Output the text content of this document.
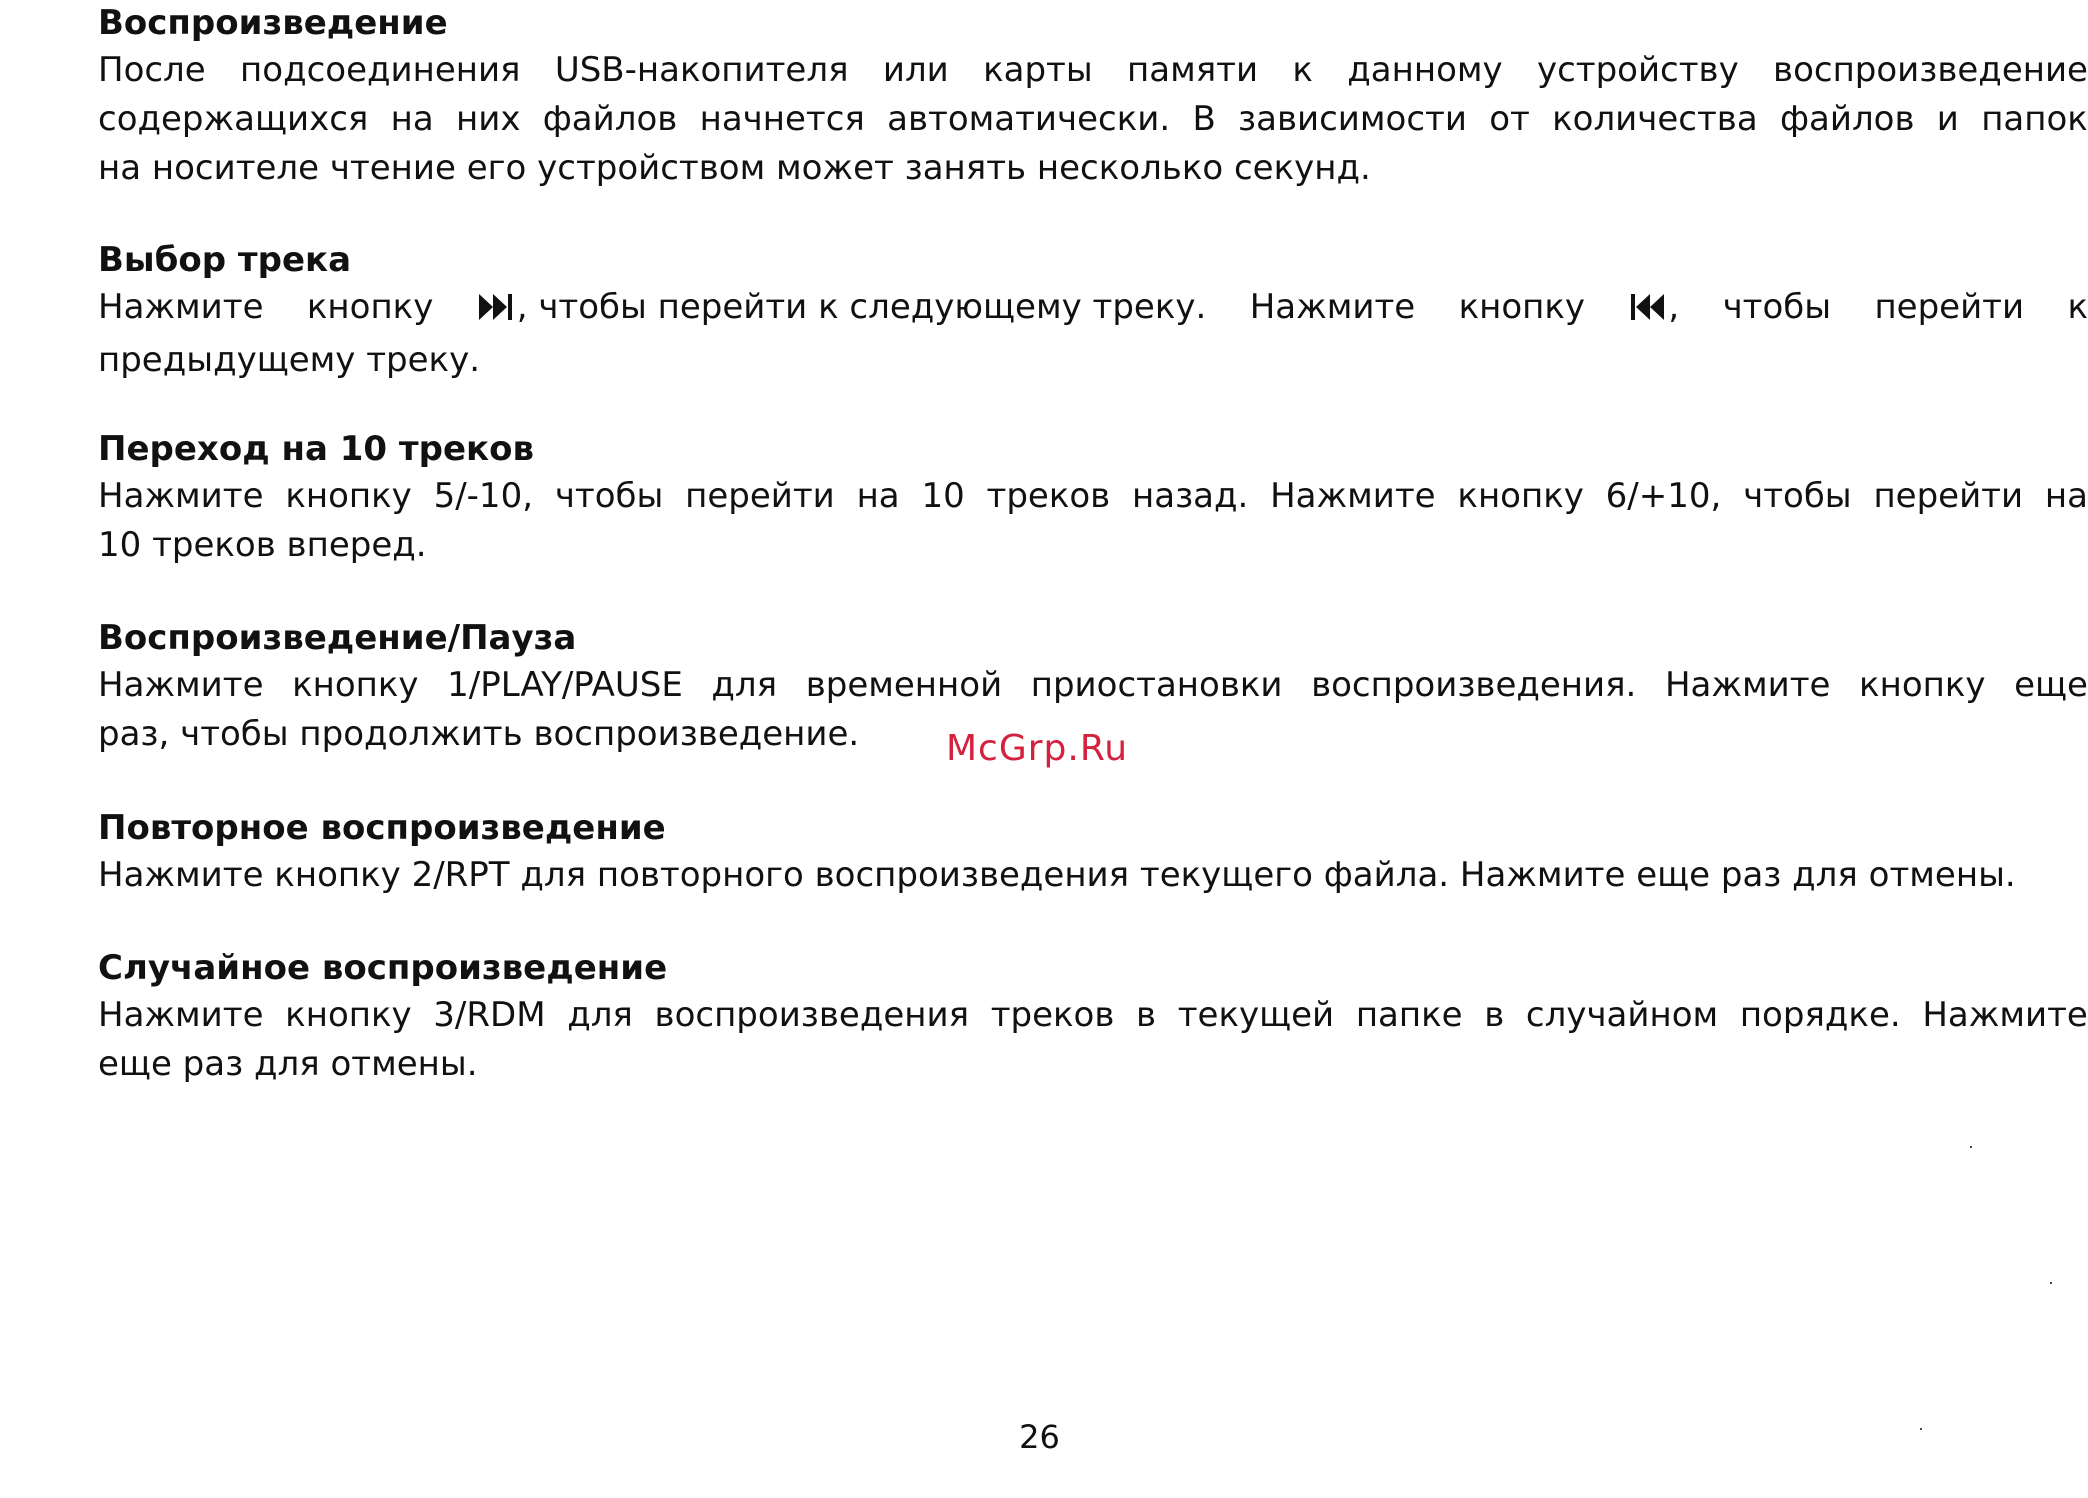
Воспроизведение

После подсоединения USB-накопителя или карты памяти к данному устройству воспроизведение
содержащихся на них файлов начнется автоматически. В зависимости от количества файлов и папок

на носителе чтение его устройством может занять несколько секунд.

Выбор трека

Нажмите кнопку	, чтобы перейти к следующему треку. Нажмите кнопку	, чтобы перейти к

предыдущему треку.

Переход на 10 треков

Нажмите кнопку 5/-10, чтобы перейти на 10 треков назад. Нажмите кнопку 6/+10, чтобы перейти на

10 треков вперед.

Воспроизведение/Пауза

Нажмите кнопку 1/PLAY/PAUSE для временной приостановки воспроизведения. Нажмите кнопку еще

раз, чтобы продолжить воспроизведение.

Повторное воспроизведение

Нажмите кнопку 2/RPT для повторного воспроизведения текущего файла. Нажмите еще раз для отмены.

Случайное воспроизведение

Нажмите кнопку 3/RDM для воспроизведения треков в текущей папке в случайном порядке. Нажмите

еще раз для отмены.

McGrp.Ru
26
